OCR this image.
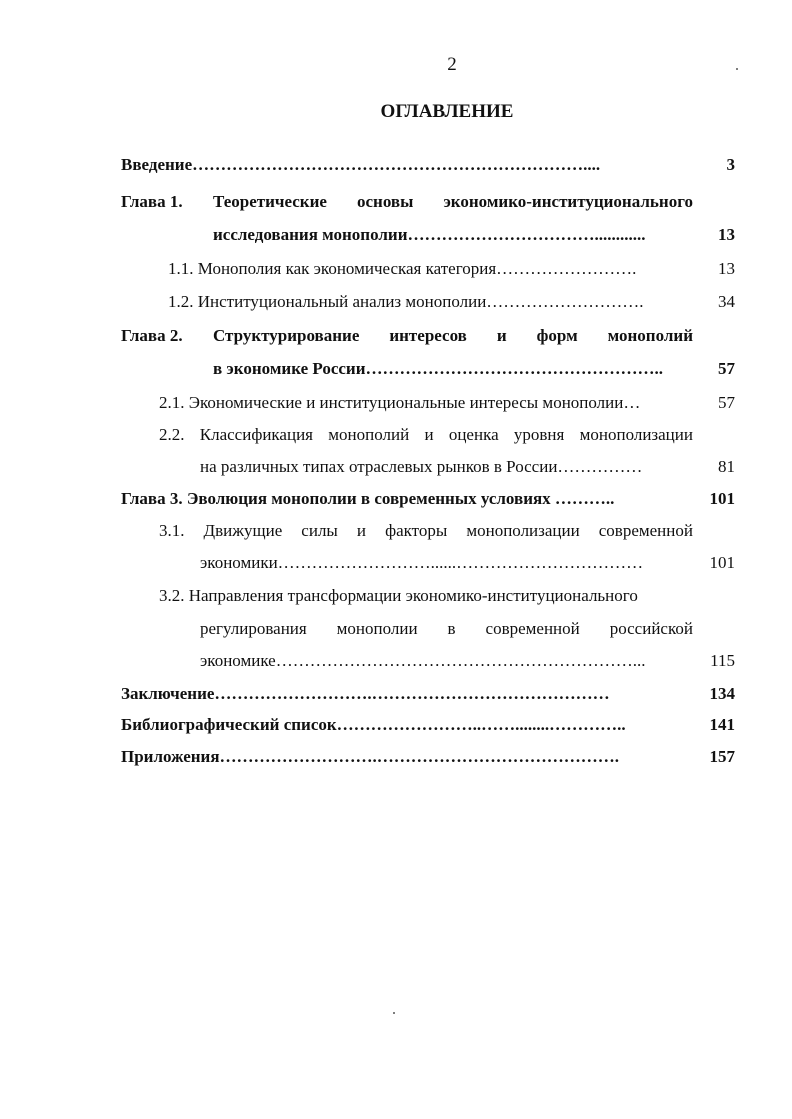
2
ОГЛАВЛЕНИЕ
Введение……………………………………………………………....	3
Глава 1. Теоретические основы экономико-институционального
исследования монополии……………………………............	13
1.1. Монополия как экономическая категория…………………….	13
1.2. Институциональный анализ монополии……………………….	34
Глава 2. Структурирование интересов и форм монополий
в экономике России……………………………………………..	57
2.1. Экономические и институциональные интересы монополии…	57
2.2. Классификация монополий и оценка уровня монополизации
на различных типах отраслевых рынков в России……………	81
Глава 3. Эволюция монополии в современных условиях ………..	101
3.1. Движущие силы и факторы монополизации современной
экономики………………………......……………………………	101
3.2. Направления трансформации экономико-институционального
регулирования монополии в современной российской
экономике………………………………………………………...	115
Заключение……………………….……………………………………	134
Библиографический список……………………..……........…………..	141
Приложения……………………….…………………………………….	157
